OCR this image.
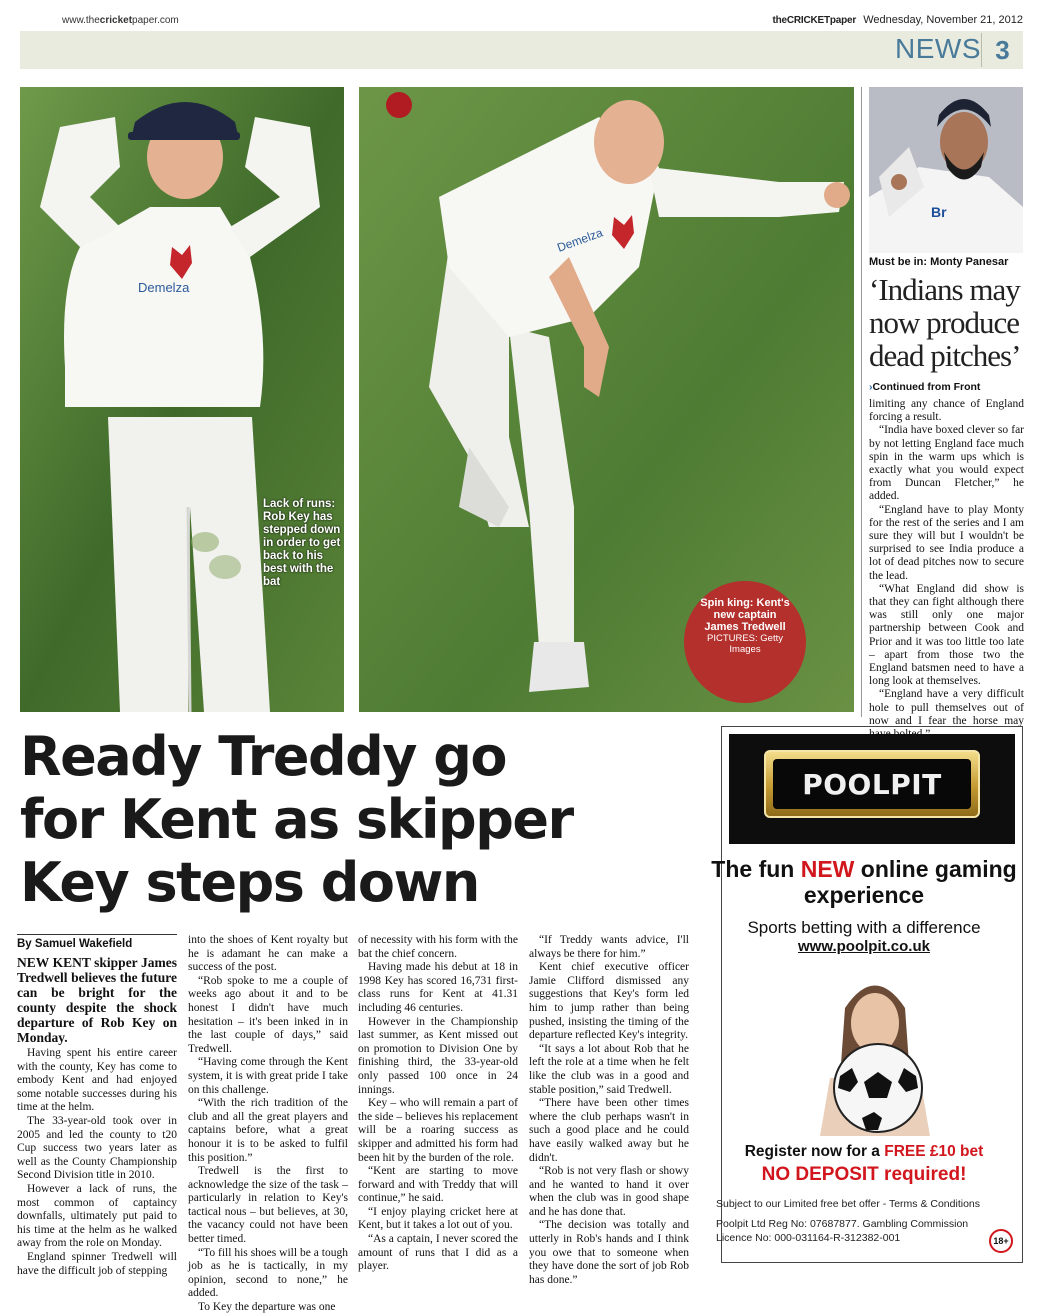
www.thecricketpaper.com	theCRICKETpaper Wednesday, November 21, 2012
NEWS 3
Demelza
Lack of runs: Rob Key has stepped down in order to get back to his best with the bat
Demelza
Spin king: Kent's new captain James Tredwell
PICTURES: Getty Images
Br
Must be in: Monty Panesar
‘Indians may now produce dead pitches’
›Continued from Front

limiting any chance of England forcing a result.

“India have boxed clever so far by not letting England face much spin in the warm ups which is exactly what you would expect from Duncan Fletcher,” he added.

“England have to play Monty for the rest of the series and I am sure they will but I wouldn't be surprised to see India produce a lot of dead pitches now to secure the lead.

“What England did show is that they can fight although there was still only one major partnership between Cook and Prior and it was too little too late – apart from those two the England batsmen need to have a long look at themselves.

“England have a very difficult hole to pull themselves out of now and I fear the horse may

Ready Treddy go
for Kent as skipper
Key steps down
By Samuel Wakefield

NEW KENT skipper James Tredwell believes the future can be bright for the county despite the shock departure of Rob Key on Monday.

Having spent his entire career with the county, Key has come to embody Kent and had enjoyed some notable successes during his time at the helm.

The 33-year-old took over in 2005 and led the county to t20 Cup success two years later as well as the County Championship Second Division title in 2010.

However a lack of runs, the most common of captaincy downfalls, ultimately put paid to his time at the helm as he walked away from the role on Monday.

England spinner Tredwell will have the difficult job of stepping

into the shoes of Kent royalty but he is adamant he can make a success of the post.

“Rob spoke to me a couple of weeks ago about it and to be honest I didn't have much hesitation – it's been inked in in the last couple of days,” said Tredwell.

“Having come through the Kent system, it is with great pride I take on this challenge.

“With the rich tradition of the club and all the great players and captains before, what a great honour it is to be asked to fulfil this position.”

Tredwell is the first to acknowledge the size of the task – particularly in relation to Key's tactical nous – but believes, at 30, the vacancy could not have been better timed.

“To fill his shoes will be a tough job as he is tactically, in my opinion, second to none,” he added.

To Key the departure was one

of necessity with his form with the bat the chief concern.

Having made his debut at 18 in 1998 Key has scored 16,731 first-class runs for Kent at 41.31 including 46 centuries.

However in the Championship last summer, as Kent missed out on promotion to Division One by finishing third, the 33-year-old only passed 100 once in 24 innings.

Key – who will remain a part of the side – believes his replacement will be a roaring success as skipper and admitted his form had been hit by the burden of the role.

“Kent are starting to move forward and with Treddy that will continue,” he said.

“I enjoy playing cricket here at Kent, but it takes a lot out of you.

“As a captain, I never scored the amount of runs that I did as a player.

“If Treddy wants advice, I'll always be there for him.”

Kent chief executive officer Jamie Clifford dismissed any suggestions that Key's form led him to jump rather than being pushed, insisting the timing of the departure reflected Key's integrity.

“It says a lot about Rob that he left the role at a time when he felt like the club was in a good and stable position,” said Tredwell.

“There have been other times where the club perhaps wasn't in such a good place and he could have easily walked away but he didn't.

“Rob is not very flash or showy and he wanted to hand it over when the club was in good shape and he has done that.

“The decision was totally and utterly in Rob's hands and I think you owe that to someone when they have done the sort of job Rob has done.”

POOLPIT
The fun NEW online gaming experience
Sports betting with a difference
www.poolpit.co.uk
Register now for a FREE £10 bet
NO DEPOSIT required!
Subject to our Limited free bet offer - Terms & Conditions
Poolpit Ltd Reg No: 07687877. Gambling Commission Licence No: 000-031164-R-312382-001	18+
